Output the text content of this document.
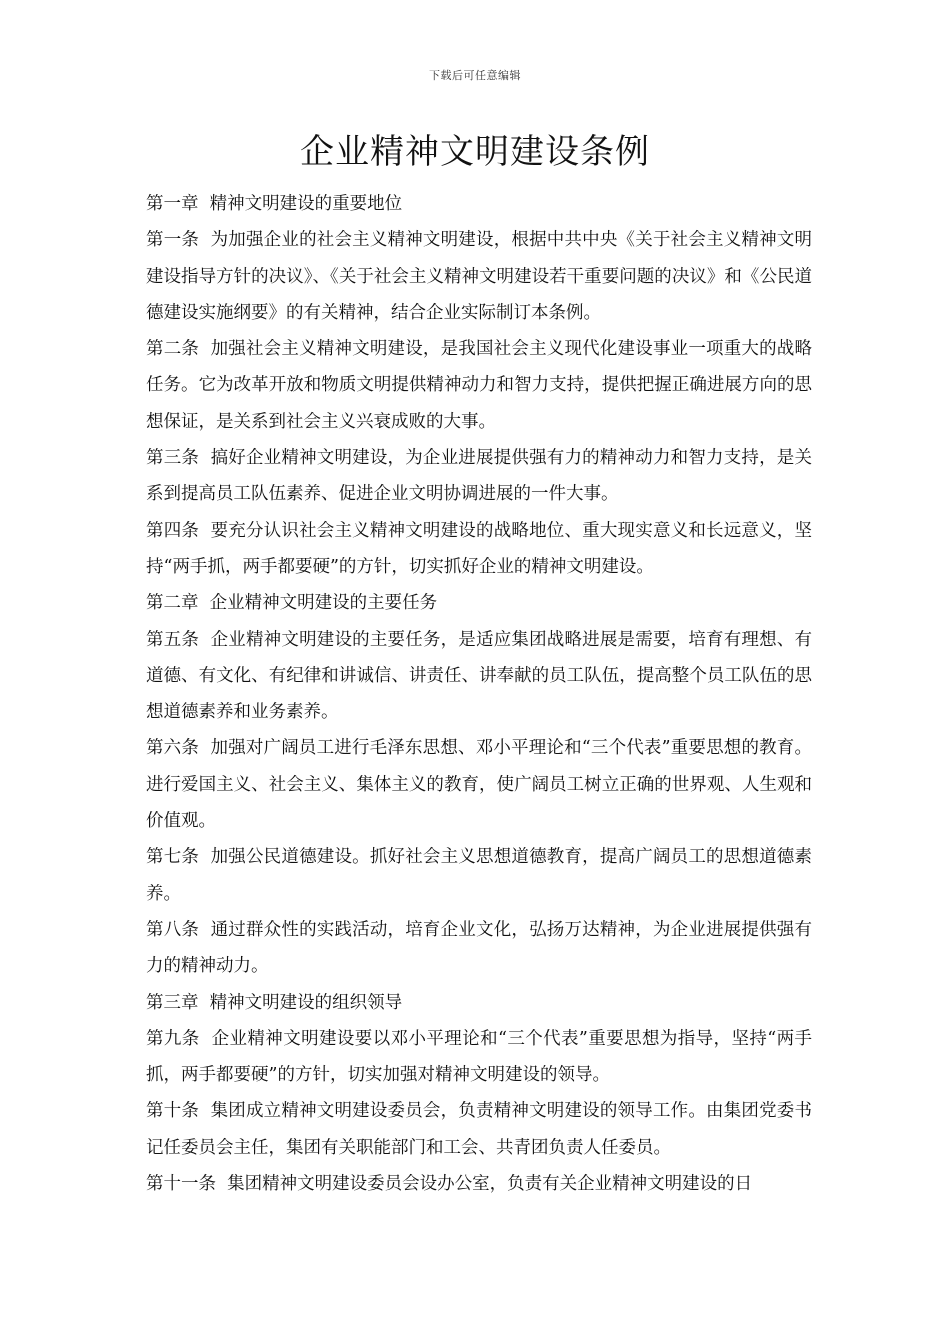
下载后可任意编辑
企业精神文明建设条例

第一章  精神文明建设的重要地位

第一条  为加强企业的社会主义精神文明建设，根据中共中央《关于社会主义精神文明建设指导方针的决议》、《关于社会主义精神文明建设若干重要问题的决议》和《公民道德建设实施纲要》的有关精神，结合企业实际制订本条例。

第二条  加强社会主义精神文明建设，是我国社会主义现代化建设事业一项重大的战略任务。它为改革开放和物质文明提供精神动力和智力支持，提供把握正确进展方向的思想保证，是关系到社会主义兴衰成败的大事。

第三条  搞好企业精神文明建设，为企业进展提供强有力的精神动力和智力支持，是关系到提高员工队伍素养、促进企业文明协调进展的一件大事。

第四条  要充分认识社会主义精神文明建设的战略地位、重大现实意义和长远意义，坚持“两手抓，两手都要硬”的方针，切实抓好企业的精神文明建设。

第二章  企业精神文明建设的主要任务

第五条  企业精神文明建设的主要任务，是适应集团战略进展是需要，培育有理想、有道德、有文化、有纪律和讲诚信、讲责任、讲奉献的员工队伍，提高整个员工队伍的思想道德素养和业务素养。

第六条  加强对广阔员工进行毛泽东思想、邓小平理论和“三个代表”重要思想的教育。进行爱国主义、社会主义、集体主义的教育，使广阔员工树立正确的世界观、人生观和价值观。

第七条  加强公民道德建设。抓好社会主义思想道德教育，提高广阔员工的思想道德素养。

第八条  通过群众性的实践活动，培育企业文化，弘扬万达精神，为企业进展提供强有力的精神动力。

第三章  精神文明建设的组织领导

第九条  企业精神文明建设要以邓小平理论和“三个代表”重要思想为指导，坚持“两手抓，两手都要硬”的方针，切实加强对精神文明建设的领导。

第十条  集团成立精神文明建设委员会，负责精神文明建设的领导工作。由集团党委书记任委员会主任，集团有关职能部门和工会、共青团负责人任委员。

第十一条  集团精神文明建设委员会设办公室，负责有关企业精神文明建设的日
